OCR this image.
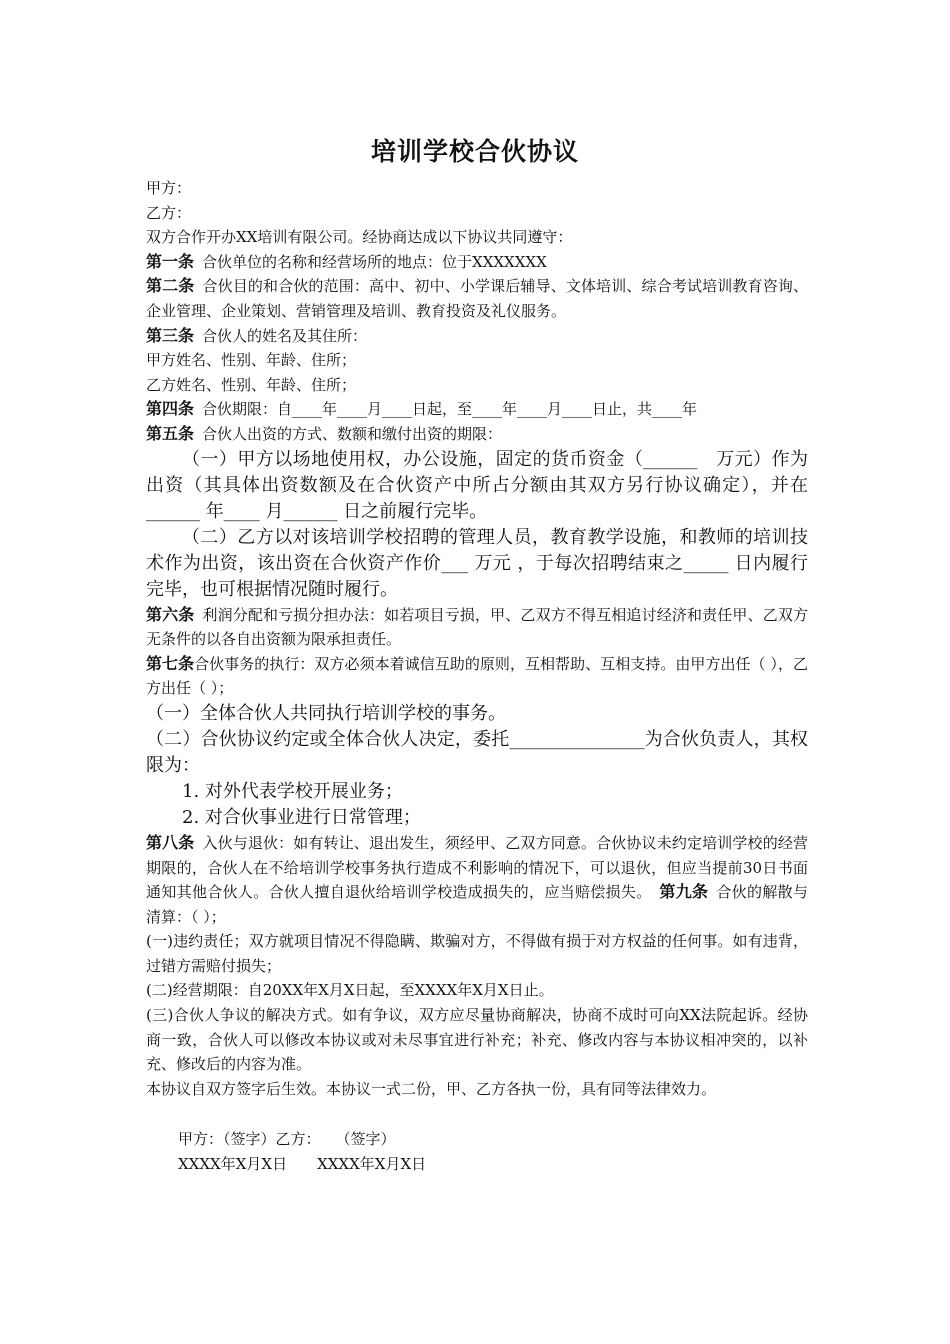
培训学校合伙协议

甲方：

乙方：

双方合作开办XX培训有限公司。经协商达成以下协议共同遵守：

第一条 合伙单位的名称和经营场所的地点：位于XXXXXXX

第二条 合伙目的和合伙的范围：高中、初中、小学课后辅导、文体培训、综合考试培训教育咨询、企业管理、企业策划、营销管理及培训、教育投资及礼仪服务。

第三条 合伙人的姓名及其住所：

甲方姓名、性别、年龄、住所；

乙方姓名、性别、年龄、住所；

第四条 合伙期限：自____年____月____日起，至____年____月____日止，共____年

第五条 合伙人出资的方式、数额和缴付出资的期限：

（一）甲方以场地使用权，办公设施，固定的货币资金（______　万元）作为出资（其具体出资数额及在合伙资产中所占分额由其双方另行协议确定），并在______ 年____ 月______ 日之前履行完毕。

（二）乙方以对该培训学校招聘的管理人员，教育教学设施，和教师的培训技术作为出资，该出资在合伙资产作价___ 万元 ，于每次招聘结束之_____ 日内履行完毕，也可根据情况随时履行。

第六条 利润分配和亏损分担办法：如若项目亏损，甲、乙双方不得互相追讨经济和责任甲、乙双方无条件的以各自出资额为限承担责任。

第七条合伙事务的执行：双方必须本着诚信互助的原则，互相帮助、互相支持。由甲方出任（ ），乙方出任（ ）；

（一）全体合伙人共同执行培训学校的事务。

（二）合伙协议约定或全体合伙人决定，委托_______________为合伙负责人，其权限为：

1. 对外代表学校开展业务；

2. 对合伙事业进行日常管理；

第八条 入伙与退伙：如有转让、退出发生，须经甲、乙双方同意。合伙协议未约定培训学校的经营期限的，合伙人在不给培训学校事务执行造成不利影响的情况下，可以退伙，但应当提前30日书面通知其他合伙人。合伙人擅自退伙给培训学校造成损失的，应当赔偿损失。　 第九条 合伙的解散与清算：（ ）；

(一)违约责任；双方就项目情况不得隐瞒、欺骗对方，不得做有损于对方权益的任何事。如有违背，过错方需赔付损失；

(二)经营期限：自20XX年X月X日起，至XXXX年X月X日止。

(三)合伙人争议的解决方式。如有争议，双方应尽量协商解决，协商不成时可向XX法院起诉。经协商一致，合伙人可以修改本协议或对未尽事宜进行补充；补充、修改内容与本协议相冲突的，以补充、修改后的内容为准。

本协议自双方签字后生效。本协议一式二份，甲、乙方各执一份，具有同等法律效力。

甲方：（签字）乙方：　　（签字）

XXXX年X月X日　　XXXX年X月X日
